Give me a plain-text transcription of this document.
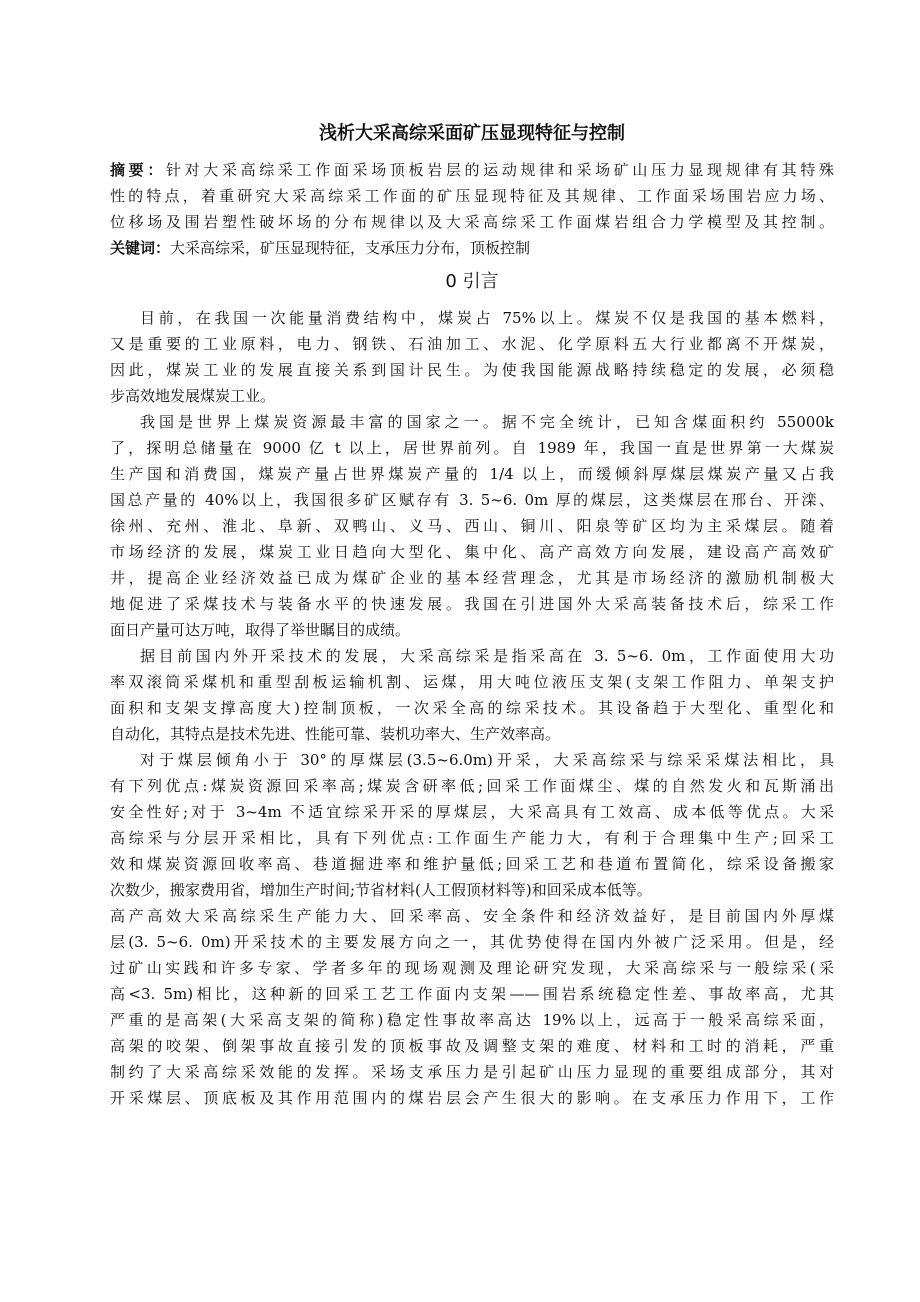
浅析大采高综采面矿压显现特征与控制
摘要：针对大采高综采工作面采场顶板岩层的运动规律和采场矿山压力显现规律有其特殊
性的特点，着重研究大采高综采工作面的矿压显现特征及其规律、工作面采场围岩应力场、
位移场及围岩塑性破坏场的分布规律以及大采高综采工作面煤岩组合力学模型及其控制。
关键词：大采高综采，矿压显现特征，支承压力分布，顶板控制
0 引言
目前，在我国一次能量消费结构中，煤炭占 75%以上。煤炭不仅是我国的基本燃料，
又是重要的工业原料，电力、钢铁、石油加工、水泥、化学原料五大行业都离不开煤炭，
因此，煤炭工业的发展直接关系到国计民生。为使我国能源战略持续稳定的发展，必须稳
步高效地发展煤炭工业。
我国是世界上煤炭资源最丰富的国家之一。据不完全统计，已知含煤面积约 55000k
了，探明总储量在 9000 亿 t 以上，居世界前列。自 1989 年，我国一直是世界第一大煤炭
生产国和消费国，煤炭产量占世界煤炭产量的 1/4 以上，而缓倾斜厚煤层煤炭产量又占我
国总产量的 40%以上，我国很多矿区赋存有 3. 5~6. 0m 厚的煤层，这类煤层在邢台、开滦、
徐州、充州、淮北、阜新、双鸭山、义马、西山、铜川、阳泉等矿区均为主采煤层。随着
市场经济的发展，煤炭工业日趋向大型化、集中化、高产高效方向发展，建设高产高效矿
井，提高企业经济效益已成为煤矿企业的基本经营理念，尤其是市场经济的激励机制极大
地促进了采煤技术与装备水平的快速发展。我国在引进国外大采高装备技术后，综采工作
面日产量可达万吨，取得了举世瞩目的成绩。
据目前国内外开采技术的发展，大采高综采是指采高在 3. 5~6. 0m，工作面使用大功
率双滚筒采煤机和重型刮板运输机割、运煤，用大吨位液压支架(支架工作阻力、单架支护
面积和支架支撑高度大)控制顶板，一次采全高的综采技术。其设备趋于大型化、重型化和
自动化，其特点是技术先进、性能可靠、装机功率大、生产效率高。
对于煤层倾角小于 30°的厚煤层(3.5~6.0m)开采，大采高综采与综采采煤法相比，具
有下列优点:煤炭资源回采率高;煤炭含研率低;回采工作面煤尘、煤的自然发火和瓦斯涌出
安全性好;对于 3~4m 不适宜综采开采的厚煤层，大采高具有工效高、成本低等优点。大采
高综采与分层开采相比，具有下列优点:工作面生产能力大，有利于合理集中生产;回采工
效和煤炭资源回收率高、巷道掘进率和维护量低;回采工艺和巷道布置简化，综采设备搬家
次数少，搬家费用省，增加生产时间;节省材料(人工假顶材料等)和回采成本低等。
高产高效大采高综采生产能力大、回采率高、安全条件和经济效益好，是目前国内外厚煤
层(3. 5~6. 0m)开采技术的主要发展方向之一，其优势使得在国内外被广泛采用。但是，经
过矿山实践和许多专家、学者多年的现场观测及理论研究发现，大采高综采与一般综采(采
高<3. 5m)相比，这种新的回采工艺工作面内支架——围岩系统稳定性差、事故率高，尤其
严重的是高架(大采高支架的简称)稳定性事故率高达 19%以上，远高于一般采高综采面，
高架的咬架、倒架事故直接引发的顶板事故及调整支架的难度、材料和工时的消耗，严重
制约了大采高综采效能的发挥。采场支承压力是引起矿山压力显现的重要组成部分，其对
开采煤层、顶底板及其作用范围内的煤岩层会产生很大的影响。在支承压力作用下，工作
